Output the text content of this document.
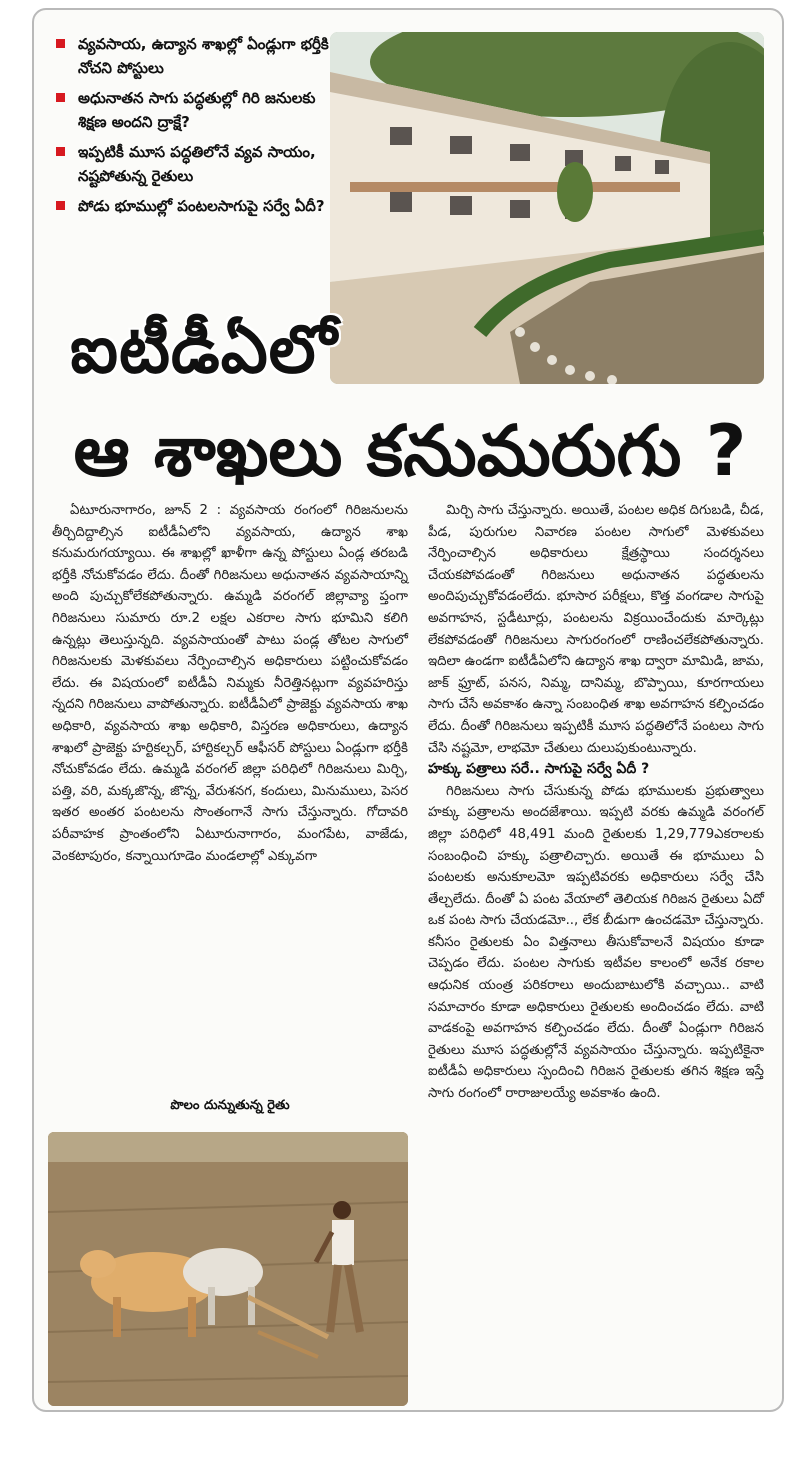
వ్యవసాయ, ఉద్యాన శాఖల్లో ఏండ్లుగా భర్తీకి నోచని పోస్టులు
అధునాతన సాగు పద్ధతుల్లో గిరి జనులకు శిక్షణ అందని ద్రాక్షే?
ఇప్పటికీ మూస పద్ధతిలోనే వ్యవ సాయం, నష్టపోతున్న రైతులు
పోడు భూముల్లో పంటలసాగుపై సర్వే ఏదీ?
ఐటీడీఏలో
ఆ శాఖలు కనుమరుగు ?

ఏటూరునాగారం, జూన్ 2 : వ్యవసాయ రంగంలో గిరిజనులను తీర్చిదిద్దాల్సిన ఐటీడీఏలోని వ్యవసాయ, ఉద్యాన శాఖ కనుమరుగయ్యాయి. ఈ శాఖల్లో ఖాళీగా ఉన్న పోస్టులు ఏండ్ల తరబడి భర్తీకి నోచుకోవడం లేదు. దీంతో గిరిజనులు అధునాతన వ్యవసాయాన్ని అంది పుచ్చుకోలేకపోతున్నారు. ఉమ్మడి వరంగల్ జిల్లావ్యా ప్తంగా గిరిజనులు సుమారు రూ.2 లక్షల ఎకరాల సాగు భూమిని కలిగి ఉన్నట్లు తెలుస్తున్నది. వ్యవసాయంతో పాటు పండ్ల తోటల సాగులో గిరిజనులకు మెళకువలు నేర్పించాల్సిన అధికారులు పట్టించుకోవడం లేదు. ఈ విషయంలో ఐటీడీఏ నిమ్మకు నీరెత్తినట్లుగా వ్యవహరిస్తు న్నదని గిరిజనులు వాపోతున్నారు. ఐటీడీఏలో ప్రాజెక్టు వ్యవసాయ శాఖ అధికారి, వ్యవసాయ శాఖ అధికారి, విస్తరణ అధికారులు, ఉద్యాన శాఖలో ప్రాజెక్టు హర్టికల్చర్, హార్టికల్చర్ ఆఫీసర్ పోస్టులు ఏండ్లుగా భర్తీకి నోచుకోవడం లేదు. ఉమ్మడి వరంగల్ జిల్లా పరిధిలో గిరిజనులు మిర్చి, పత్తి, వరి, మక్కజొన్న, జొన్న, వేరుశనగ, కందులు, మినుములు, పెసర ఇతర అంతర పంటలను సొంతంగానే సాగు చేస్తున్నారు. గోదావరి పరీవాహక ప్రాంతంలోని ఏటూరునాగారం, మంగపేట, వాజేడు, వెంకటాపురం, కన్నాయిగూడెం మండలాల్లో ఎక్కువగా

మిర్చి సాగు చేస్తున్నారు. అయితే, పంటల అధిక దిగుబడి, చీడ, పీడ, పురుగుల నివారణ పంటల సాగులో మెళకువలు నేర్పించాల్సిన అధికారులు క్షేత్రస్థాయి సందర్శనలు చేయకపోవడంతో గిరిజనులు అధునాతన పద్ధతులను అందిపుచ్చుకోవడంలేదు. భూసార పరీక్షలు, కొత్త వంగడాల సాగుపై అవగాహన, స్టడీటూర్లు, పంటలను విక్రయించేందుకు మార్కెట్లు లేకపోవడంతో గిరిజనులు సాగురంగంలో రాణించలేకపోతున్నారు. ఇదిలా ఉండగా ఐటీడీఏలోని ఉద్యాన శాఖ ద్వారా మామిడి, జామ, జాక్ ఫ్రూట్, పనస, నిమ్మ, దానిమ్మ, బొప్పాయి, కూరగాయలు సాగు చేసే అవకాశం ఉన్నా సంబంధిత శాఖ అవగాహన కల్పించడం లేదు. దీంతో గిరిజనులు ఇప్పటికీ మూస పద్ధతిలోనే పంటలు సాగు చేసి నష్టమో, లాభమో చేతులు దులుపుకుంటున్నారు.

హక్కు పత్రాలు సరే.. సాగుపై సర్వే ఏదీ ?

గిరిజనులు సాగు చేసుకున్న పోడు భూములకు ప్రభుత్వాలు హక్కు పత్రాలను అందజేశాయి. ఇప్పటి వరకు ఉమ్మడి వరంగల్ జిల్లా పరిధిలో 48,491 మంది రైతులకు 1,29,779ఎకరాలకు సంబంధించి హక్కు పత్రాలిచ్చారు. అయితే ఈ భూములు ఏ పంటలకు అనుకూలమో ఇప్పటివరకు అధికారులు సర్వే చేసి తేల్చలేదు. దీంతో ఏ పంట వేయాలో తెలియక గిరిజన రైతులు ఏదో ఒక పంట సాగు చేయడమో.., లేక బీడుగా ఉంచడమో చేస్తున్నారు. కనీసం రైతులకు ఏం విత్తనాలు తీసుకోవాలనే విషయం కూడా చెప్పడం లేదు. పంటల సాగుకు ఇటీవల కాలంలో అనేక రకాల ఆధునిక యంత్ర పరికరాలు అందుబాటులోకి వచ్చాయి.. వాటి సమాచారం కూడా అధికారులు రైతులకు అందించడం లేదు. వాటి వాడకంపై అవగాహన కల్పించడం లేదు. దీంతో ఏండ్లుగా గిరిజన రైతులు మూస పద్ధతుల్లోనే వ్యవసాయం చేస్తున్నారు. ఇప్పటికైనా ఐటీడీఏ అధికారులు స్పందించి గిరిజన రైతులకు తగిన శిక్షణ ఇస్తే సాగు రంగంలో రారాజులయ్యే అవకాశం ఉంది.

పొలం దున్నుతున్న రైతు
